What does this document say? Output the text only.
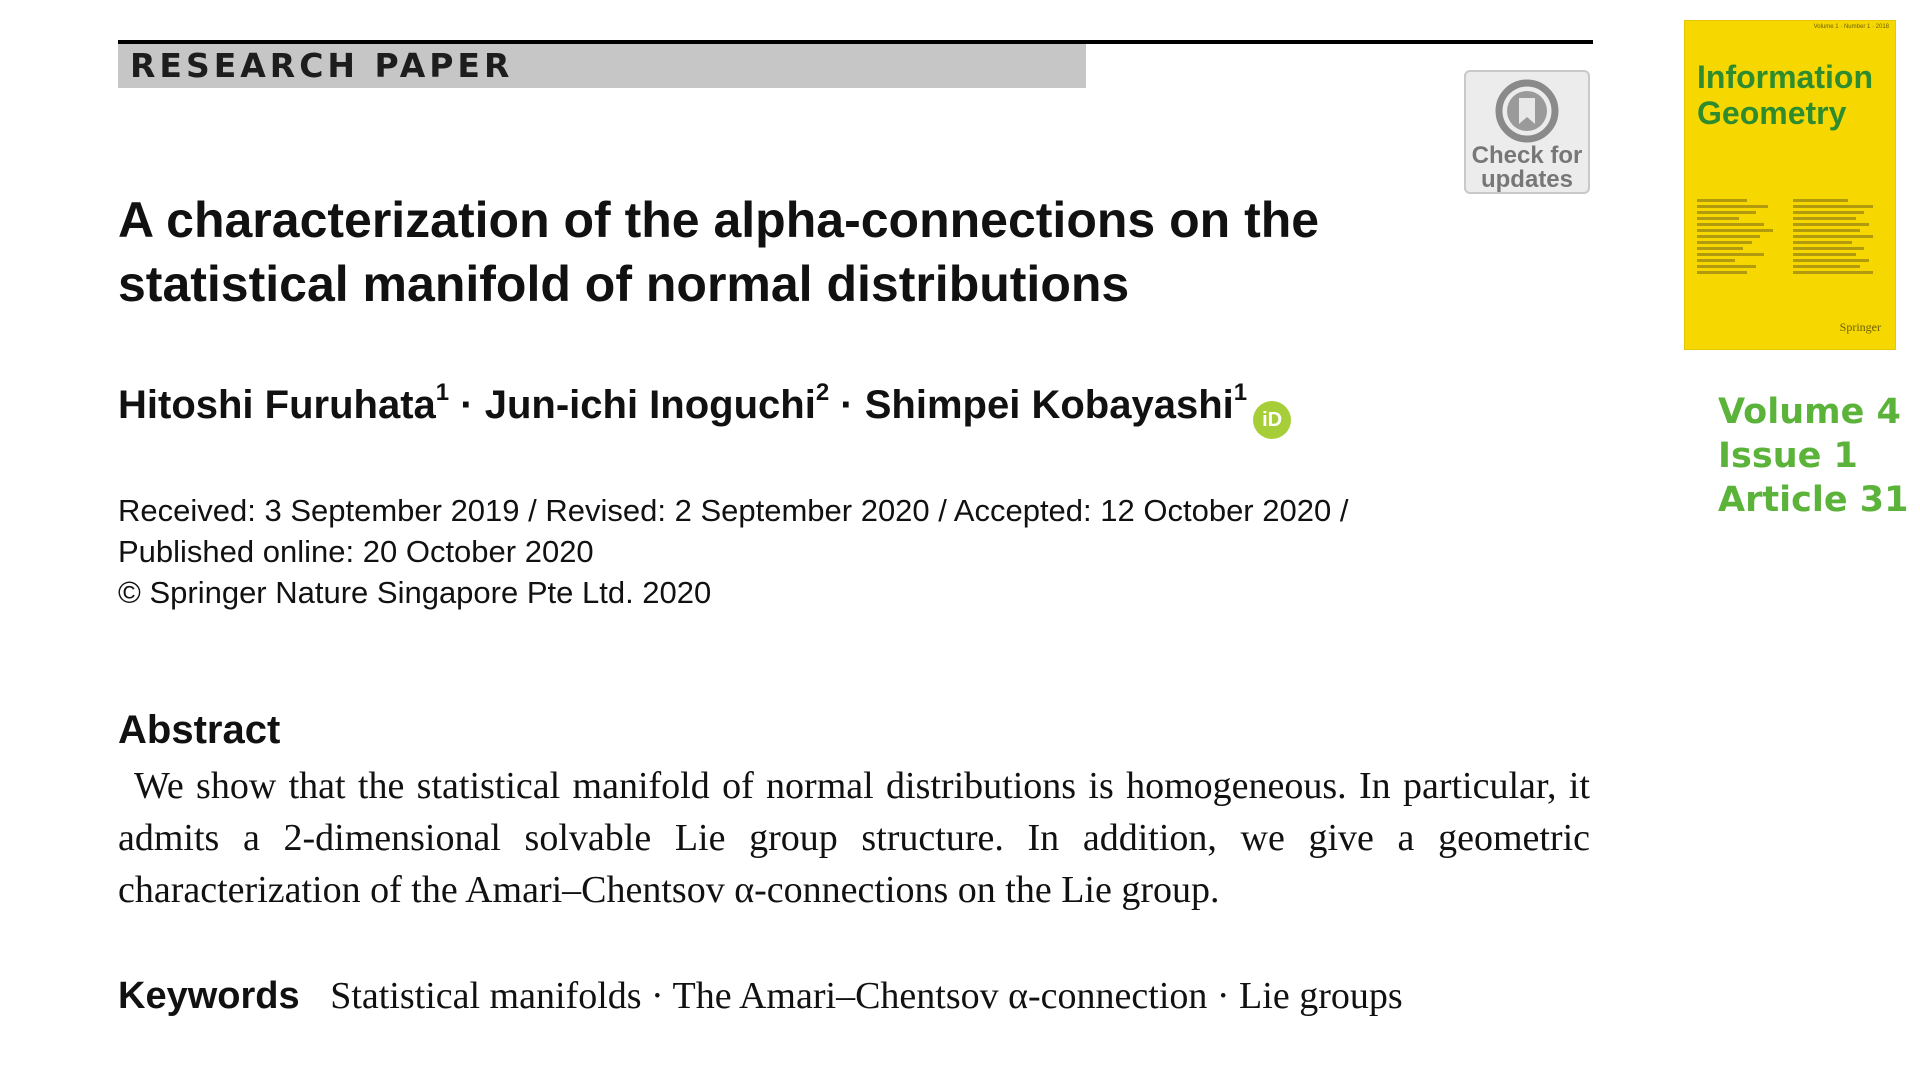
RESEARCH PAPER
Check for
updates
A characterization of the alpha-connections on the
statistical manifold of normal distributions
Hitoshi Furuhata$^1$ · Jun-ichi Inoguchi$^2$ · Shimpei Kobayashi$^1$iD
Received: 3 September 2019 / Revised: 2 September 2020 / Accepted: 12 October 2020 /
Published online: 20 October 2020
© Springer Nature Singapore Pte Ltd. 2020
Abstract
We show that the statistical manifold of normal distributions is homogeneous. In particular, it admits a 2-dimensional solvable Lie group structure. In addition, we give a geometric characterization of the Amari–Chentsov α-connections on the Lie group.
Keywords Statistical manifolds · The Amari–Chentsov α-connection · Lie groups
Volume 1 · Number 1 · 2018
Information
Geometry
Springer
Volume 4
Issue 1
Article 31
